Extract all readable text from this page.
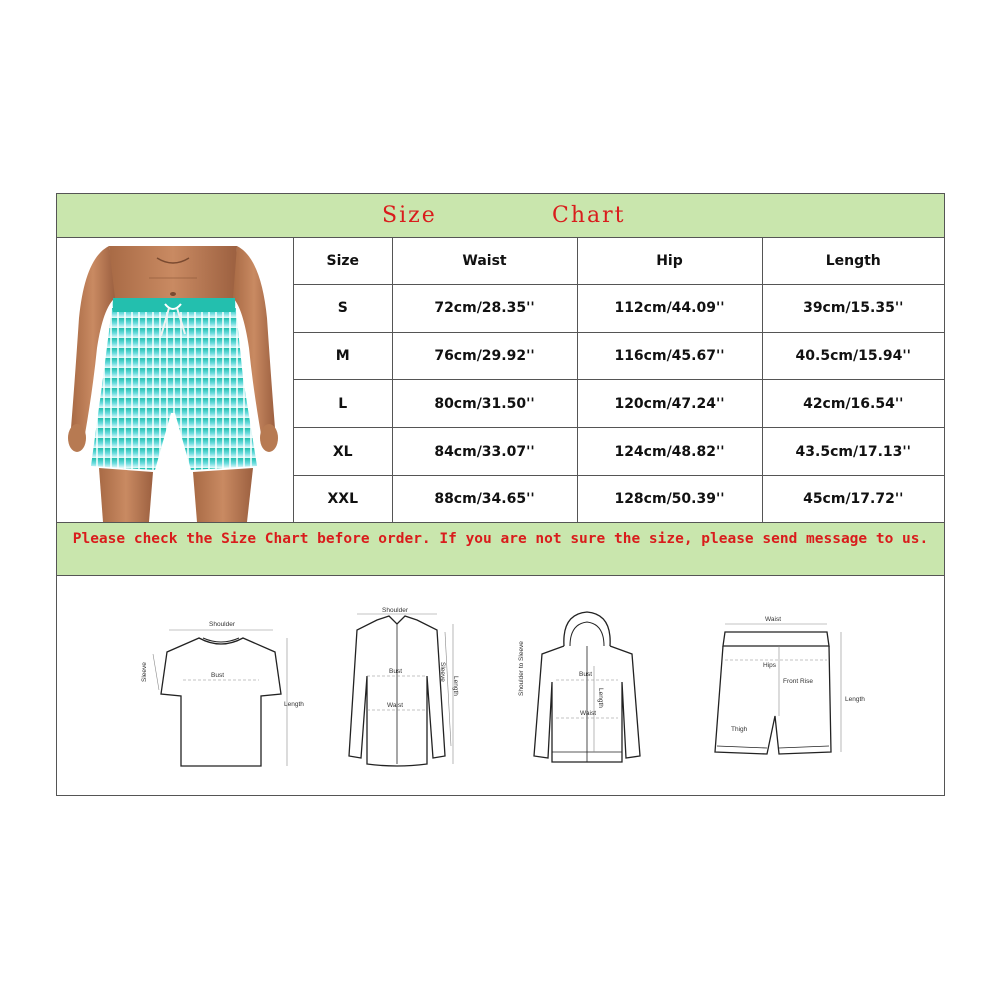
Size	Chart
Size	Waist	Hip	Length
S	72cm/28.35''	112cm/44.09''	39cm/15.35''
M	76cm/29.92''	116cm/45.67''	40.5cm/15.94''
L	80cm/31.50''	120cm/47.24''	42cm/16.54''
XL	84cm/33.07''	124cm/48.82''	43.5cm/17.13''
XXL	88cm/34.65''	128cm/50.39''	45cm/17.72''
Please check the Size Chart before order. If you are not sure the size, please send message to us.
Shoulder
Bust
Length
Sleeve
Shoulder
Bust
Waist
Length
Sleeve	Bust
Waist
Length
Shoulder to Sleeve
Waist
Hips
Front Rise
Length
Thigh
